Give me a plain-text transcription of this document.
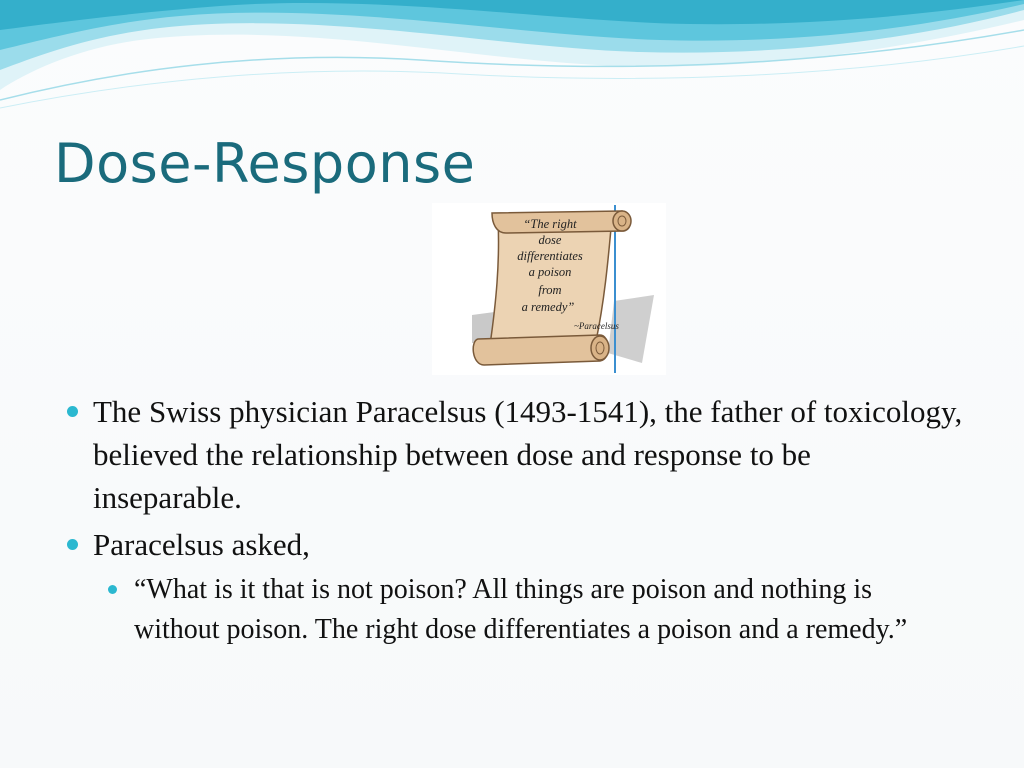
Dose-Response
“The right
dose
differentiates
a poison
from
a remedy”
~Paracelsus
The Swiss physician Paracelsus (1493-1541), the father of toxicology, believed the relationship between dose and response to be inseparable.
Paracelsus asked,
“What is it that is not poison? All things are poison and nothing is without poison. The right dose differentiates a poison and a remedy.”
